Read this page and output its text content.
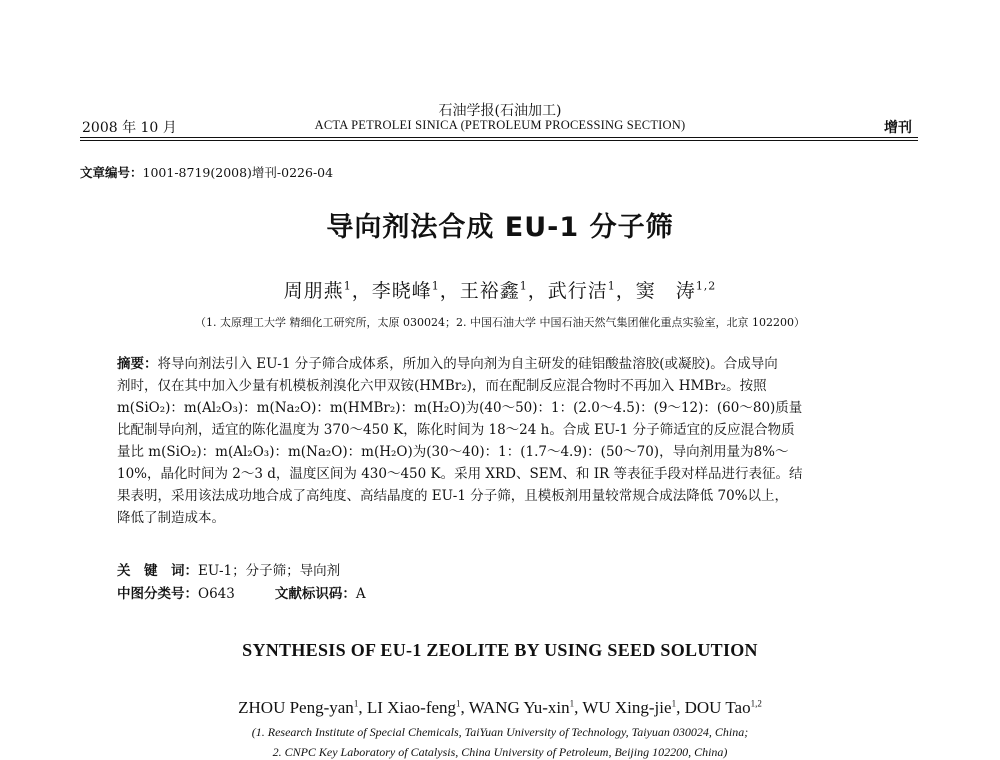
石油学报(石油加工)
2008 年 10 月	ACTA PETROLEI SINICA (PETROLEUM PROCESSING SECTION)	增刊
文章编号：1001-8719(2008)增刊-0226-04
导向剂法合成 EU-1 分子筛
周朋燕$^1$，李晓峰$^1$，王裕鑫$^1$，武行洁$^1$，窦　涛$^{1,2}$
（1. 太原理工大学 精细化工研究所，太原 030024；2. 中国石油大学 中国石油天然气集团催化重点实验室，北京 102200）

摘要：将导向剂法引入 EU-1 分子筛合成体系，所加入的导向剂为自主研发的硅铝酸盐溶胶(或凝胶)。合成导向

剂时，仅在其中加入少量有机模板剂溴化六甲双铵(HMBr₂)，而在配制反应混合物时不再加入 HMBr₂。按照

m(SiO₂)：m(Al₂O₃)：m(Na₂O)：m(HMBr₂)：m(H₂O)为(40～50)：1：(2.0～4.5)：(9～12)：(60～80)质量

比配制导向剂，适宜的陈化温度为 370～450 K，陈化时间为 18～24 h。合成 EU-1 分子筛适宜的反应混合物质

量比 m(SiO₂)：m(Al₂O₃)：m(Na₂O)：m(H₂O)为(30～40)：1：(1.7～4.9)：(50～70)，导向剂用量为8%～

10%，晶化时间为 2～3 d，温度区间为 430～450 K。采用 XRD、SEM、和 IR 等表征手段对样品进行表征。结

果表明，采用该法成功地合成了高纯度、高结晶度的 EU-1 分子筛，且模板剂用量较常规合成法降低 70%以上，

降低了制造成本。

关　键　词：EU-1；分子筛；导向剂
中图分类号：O643	文献标识码：A
SYNTHESIS OF EU-1 ZEOLITE BY USING SEED SOLUTION
ZHOU Peng-yan$^1$, LI Xiao-feng$^1$, WANG Yu-xin$^1$, WU Xing-jie$^1$, DOU Tao$^{1,2}$
(1. Research Institute of Special Chemicals, TaiYuan University of Technology, Taiyuan 030024, China;
2. CNPC Key Laboratory of Catalysis, China University of Petroleum, Beijing 102200, China)
